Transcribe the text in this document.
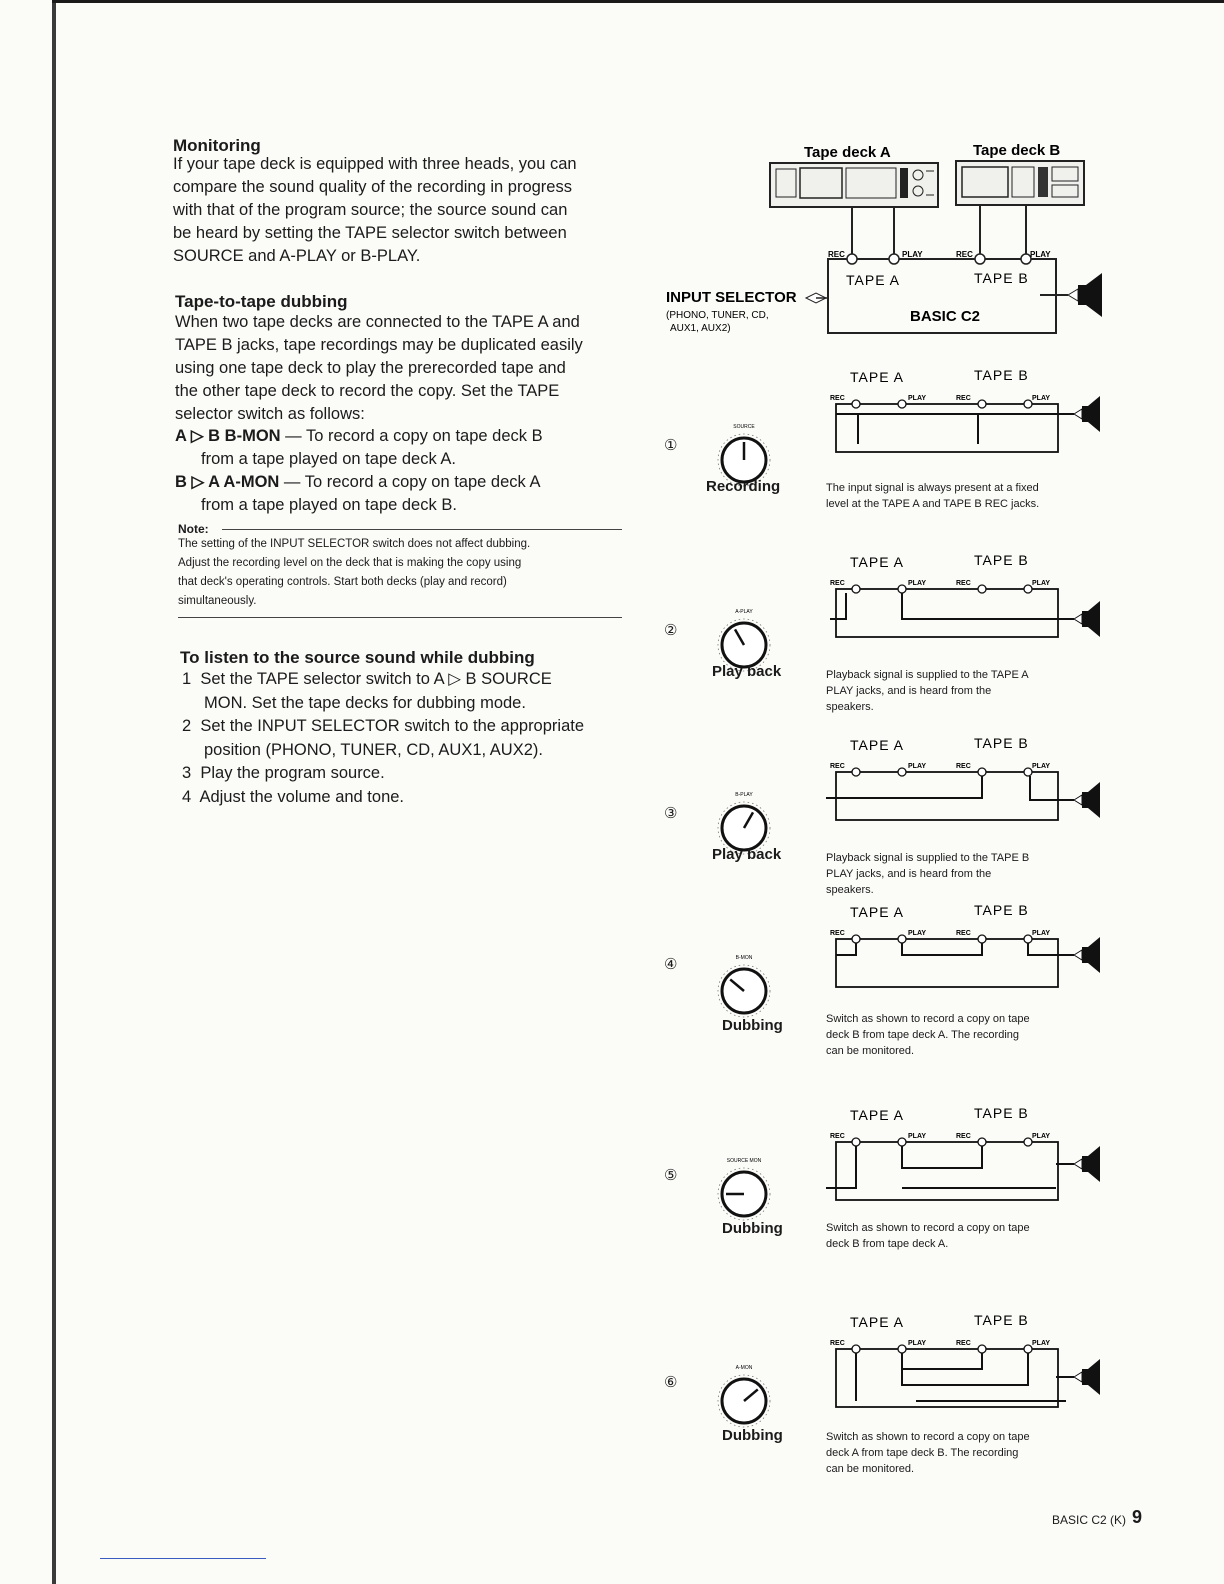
Monitoring
If your tape deck is equipped with three heads, you can
compare the sound quality of the recording in progress
with that of the program source; the source sound can
be heard by setting the TAPE selector switch between
SOURCE and A-PLAY or B-PLAY.
Tape-to-tape dubbing
When two tape decks are connected to the TAPE A and
TAPE B jacks, tape recordings may be duplicated easily
using one tape deck to play the prerecorded tape and
the other tape deck to record the copy. Set the TAPE
selector switch as follows:
A ▷ B B-MON — To record a copy on tape deck B
from a tape played on tape deck A.
B ▷ A A-MON — To record a copy on tape deck A
from a tape played on tape deck B.
Note:
The setting of the INPUT SELECTOR switch does not affect dubbing.
Adjust the recording level on the deck that is making the copy using
that deck's operating controls. Start both decks (play and record)
simultaneously.
To listen to the source sound while dubbing
1 Set the TAPE selector switch to A ▷ B SOURCE
MON. Set the tape decks for dubbing mode.
2 Set the INPUT SELECTOR switch to the appropriate
position (PHONO, TUNER, CD, AUX1, AUX2).
3 Play the program source.
4 Adjust the volume and tone.
Tape deck A	Tape deck B
REC	PLAY	REC	PLAY
TAPE A	TAPE B
BASIC C2
INPUT SELECTOR
(PHONO, TUNER, CD,
AUX1, AUX2)
①
SOURCE
Recording
TAPE A	TAPE B
REC	PLAY	REC	PLAY
The input signal is always present at a fixed
level at the TAPE A and TAPE B REC jacks.
②
A-PLAY
Play back
TAPE A	TAPE B
REC	PLAY	REC	PLAY
Playback signal is supplied to the TAPE A
PLAY jacks, and is heard from the
speakers.
③
B-PLAY
Play back
TAPE A	TAPE B
REC	PLAY	REC	PLAY
Playback signal is supplied to the TAPE B
PLAY jacks, and is heard from the
speakers.
④	B-MON
Dubbing
TAPE A	TAPE B
REC	PLAY	REC	PLAY
Switch as shown to record a copy on tape
deck B from tape deck A. The recording
can be monitored.
⑤
SOURCE MON
Dubbing
TAPE A	TAPE B
REC	PLAY	REC	PLAY
Switch as shown to record a copy on tape
deck B from tape deck A.
⑥
A-MON
Dubbing
TAPE A	TAPE B
REC	PLAY	REC	PLAY
Switch as shown to record a copy on tape
deck A from tape deck B. The recording
can be monitored.
BASIC C2 (K) 9
